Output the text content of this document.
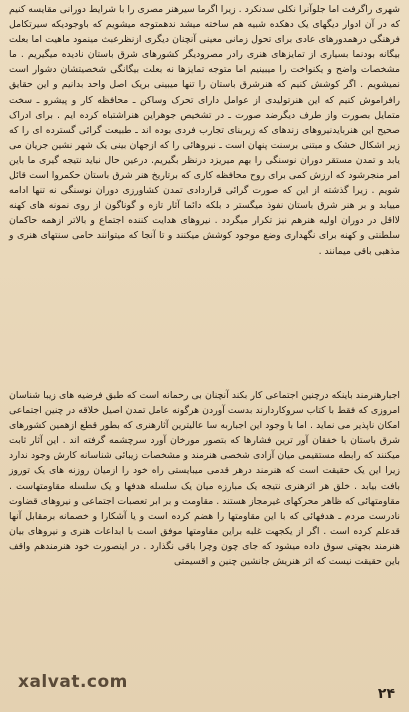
شهری راگرفت اما جلوآنرا نکلی سدنکرد . زیرا اگرما سیرهنر مصری را با شرایط دورانی مقایسه کنیم که در آن ادوار دیگهای یک دهکده شبیه هم ساخته میشد ندهمتوجه میشویم که باوجودیکه سیرتکامل فرهنگی درهمدورهای عادی برای تحول زمانی معینی آنچنان دیگری ازنظرعبث مینمود ماهیت اما بعلت بیگانه بودنما بسیاری از تمایزهای هنری رادر مصرودیگر کشورهای شرق باستان نادیده میگیریم . ما مشخصات واضح و یکنواخت را میبینیم اما متوجه تمایزها نه بعلت بیگانگی شخصیتشان دشوار است نمیشویم . اگر کوشش کنیم که هنرشرق باستان را تنها میبینی بریک اصل واحد بدانیم و این حقایق رافراموش کنیم که این هنرتولیدی از عوامل دارای تحرک وساکن ـ محافظه کار و پیشرو ـ سخت متمایل بصورت واز طرف دیگرضد صورت ـ در تشخیص جوهراین هنراشتباه کرده ایم . برای ادراک صحیح این هنربایدنیروهای زندهای که زیربنای تجارب فردی بوده اند ـ طبیعت گرائی گسترده ای را که زیر اشکال خشک و مبتنی برسنت پنهان است ـ نیروهائی را که ازجهان بینی یک شهر نشین جریان می یابد و تمدن مستقر دوران نوسنگی را بهم میریزد درنظر بگیریم. درعین حال نباید نتیجه گیری ما باین امر منجرشود که ارزش کمی برای روح محافظه کاری که برتاریخ هنر شرق باستان حکمروا است قائل شویم . زیرا گذشته از این که صورت گرائی قراردادی تمدن کشاورزی دوران نوسنگی نه تنها ادامه مییابد و بر هنر شرق باستان نفوذ میگستر د بلکه دائما آثار تازه و گوناگون از روی نمونه های کهنه لااقل در دوران اولیه هنرهم نیز تکرار میگردد . نیروهای هدایت کننده اجتماع و بالاتر ازهمه حاکمان سلطنتی و کهنه برای نگهداری وضع موجود کوشش میکنند و تا آنجا که میتوانند حامی سنتهای هنری و مذهبی باقی میمانند .

اجبارهنرمند باینکه درچنین اجتماعی کار بکند آنچنان بی رحمانه است که طبق فرضیه های زیبا شناسان امروزی که فقط با کتاب سروکاردارند بدست آوردن هرگونه عامل تمدن اصیل خلاقه در چنین اجتماعی امکان ناپذیر می نماید . اما با وجود این اجباربه سا عالیترین آثارهنری که بطور قطع ازهمین کشورهای شرق باستان با خفقان آور ترین فشارها که بتصور مورخان آورد سرچشمه گرفته اند . این آثار ثابت میکنند که رابطه مستقیمی میان آزادی شخصی هنرمند و مشخصات زیبائی شناسانه کارش وجود ندارد زیرا این یک حقیقت است که هنرمند درهر قدمی میبایستی راه خود را ازمیان روزنه های یک توروز بافت بیابد . خلق هر اثرهنری نتیجه یک مبارزه میان یک سلسله هدفها و یک سلسله مقاومتهاست . مقاومتهائی که ظاهر محرکهای غیرمجاز هستند . مقاومت و بر ابر تعصبات اجتماعی و نیروهای قضاوت نادرست مردم ـ هدفهائی که با این مقاومتها را هضم کرده است و یا آشکارا و خصمانه برمقابل آنها قدعلم کرده است . اگر از یکجهت غلبه براین مقاومتها موفق است با ابداعات هنری و نیروهای بیان هنرمند بجهتی سوق داده میشود که جای چون وچرا باقی نگذارد . در اینصورت خود هنرمندهم واقف باین حقیقت نیست که اثر هنریش جانشین چنین و اقسیمتی

xalvat.com
۲۴
